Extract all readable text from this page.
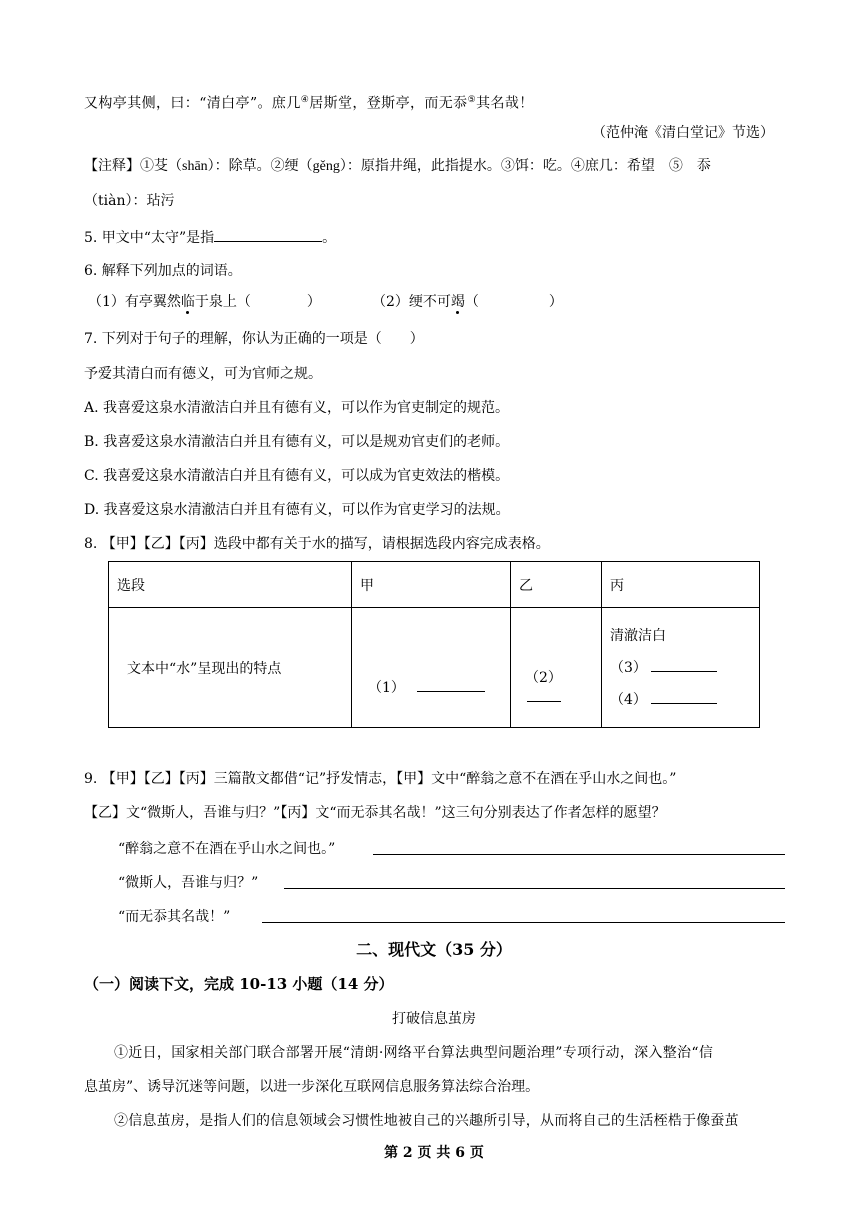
又构亭其侧，曰：“清白亭”。庶几④居斯堂，登斯亭，而无忝⑤其名哉！
（范仲淹《清白堂记》节选）
【注释】①芟（shān）：除草。②绠（gěng）：原指井绳，此指提水。③饵：吃。④庶几：希望　⑤　忝
（tiàn）：玷污
5. 甲文中“太守”是指	。
6. 解释下列加点的词语。
（1）有亭翼然临于泉上（　　　　）	（2）绠不可竭（　　　　　）
7. 下列对于句子的理解，你认为正确的一项是（　　）
予爱其清白而有德义，可为官师之规。
A. 我喜爱这泉水清澈洁白并且有德有义，可以作为官吏制定的规范。
B. 我喜爱这泉水清澈洁白并且有德有义，可以是规劝官吏们的老师。
C. 我喜爱这泉水清澈洁白并且有德有义，可以成为官吏效法的楷模。
D. 我喜爱这泉水清澈洁白并且有德有义，可以作为官吏学习的法规。
8. 【甲】【乙】【丙】选段中都有关于水的描写，请根据选段内容完成表格。
选段	甲	乙	丙
文本中“水”呈现出的特点	（1）	（2）	清澈洁白
（3）
（4）
9. 【甲】【乙】【丙】三篇散文都借“记”抒发情志，【甲】文中“醉翁之意不在酒在乎山水之间也。”
【乙】文“微斯人，吾谁与归？”【丙】文“而无忝其名哉！”这三句分别表达了作者怎样的愿望？
“醉翁之意不在酒在乎山水之间也。”
“微斯人，吾谁与归？”
“而无忝其名哉！”
二、现代文（35 分）
（一）阅读下文，完成 10-13 小题（14 分）
打破信息茧房
①近日，国家相关部门联合部署开展“清朗·网络平台算法典型问题治理”专项行动，深入整治“信
息茧房”、诱导沉迷等问题，以进一步深化互联网信息服务算法综合治理。
②信息茧房，是指人们的信息领域会习惯性地被自己的兴趣所引导，从而将自己的生活桎梏于像蚕茧
第 2 页 共 6 页
